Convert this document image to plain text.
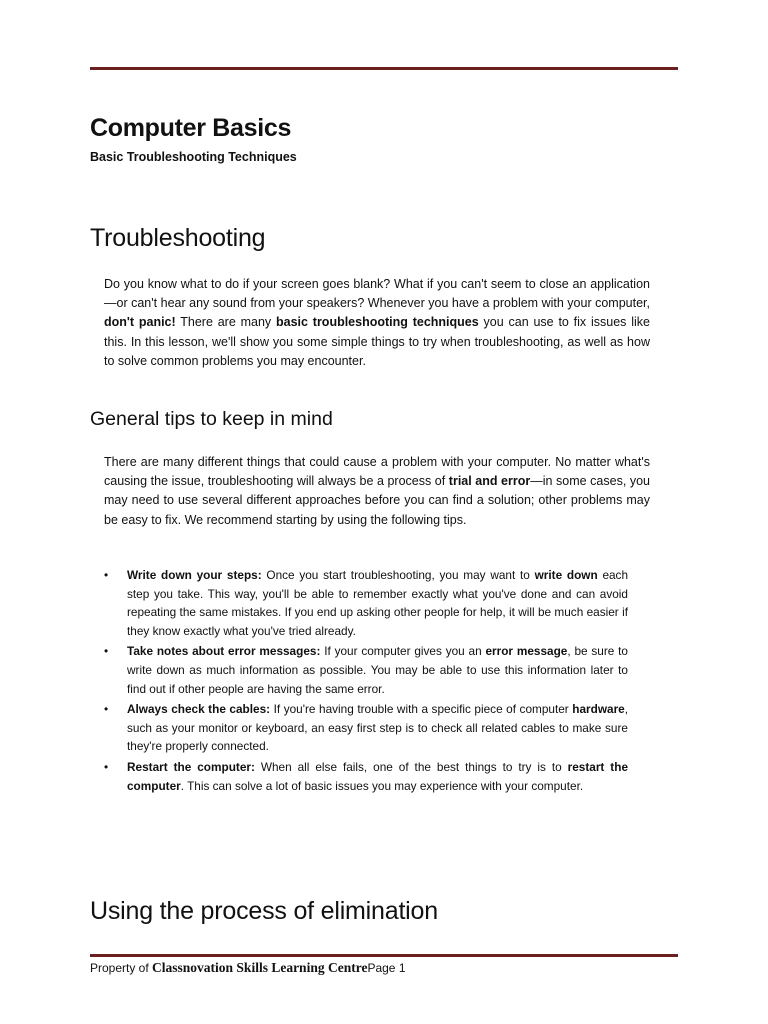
Computer Basics
Basic Troubleshooting Techniques
Troubleshooting
Do you know what to do if your screen goes blank? What if you can't seem to close an application—or can't hear any sound from your speakers? Whenever you have a problem with your computer, don't panic! There are many basic troubleshooting techniques you can use to fix issues like this. In this lesson, we'll show you some simple things to try when troubleshooting, as well as how to solve common problems you may encounter.
General tips to keep in mind
There are many different things that could cause a problem with your computer. No matter what's causing the issue, troubleshooting will always be a process of trial and error—in some cases, you may need to use several different approaches before you can find a solution; other problems may be easy to fix. We recommend starting by using the following tips.
• Write down your steps: Once you start troubleshooting, you may want to write down each step you take. This way, you'll be able to remember exactly what you've done and can avoid repeating the same mistakes. If you end up asking other people for help, it will be much easier if they know exactly what you've tried already.
• Take notes about error messages: If your computer gives you an error message, be sure to write down as much information as possible. You may be able to use this information later to find out if other people are having the same error.
• Always check the cables: If you're having trouble with a specific piece of computer hardware, such as your monitor or keyboard, an easy first step is to check all related cables to make sure they're properly connected.
• Restart the computer: When all else fails, one of the best things to try is to restart the computer. This can solve a lot of basic issues you may experience with your computer.
Using the process of elimination
Property of Classnovation Skills Learning CentrePage 1
